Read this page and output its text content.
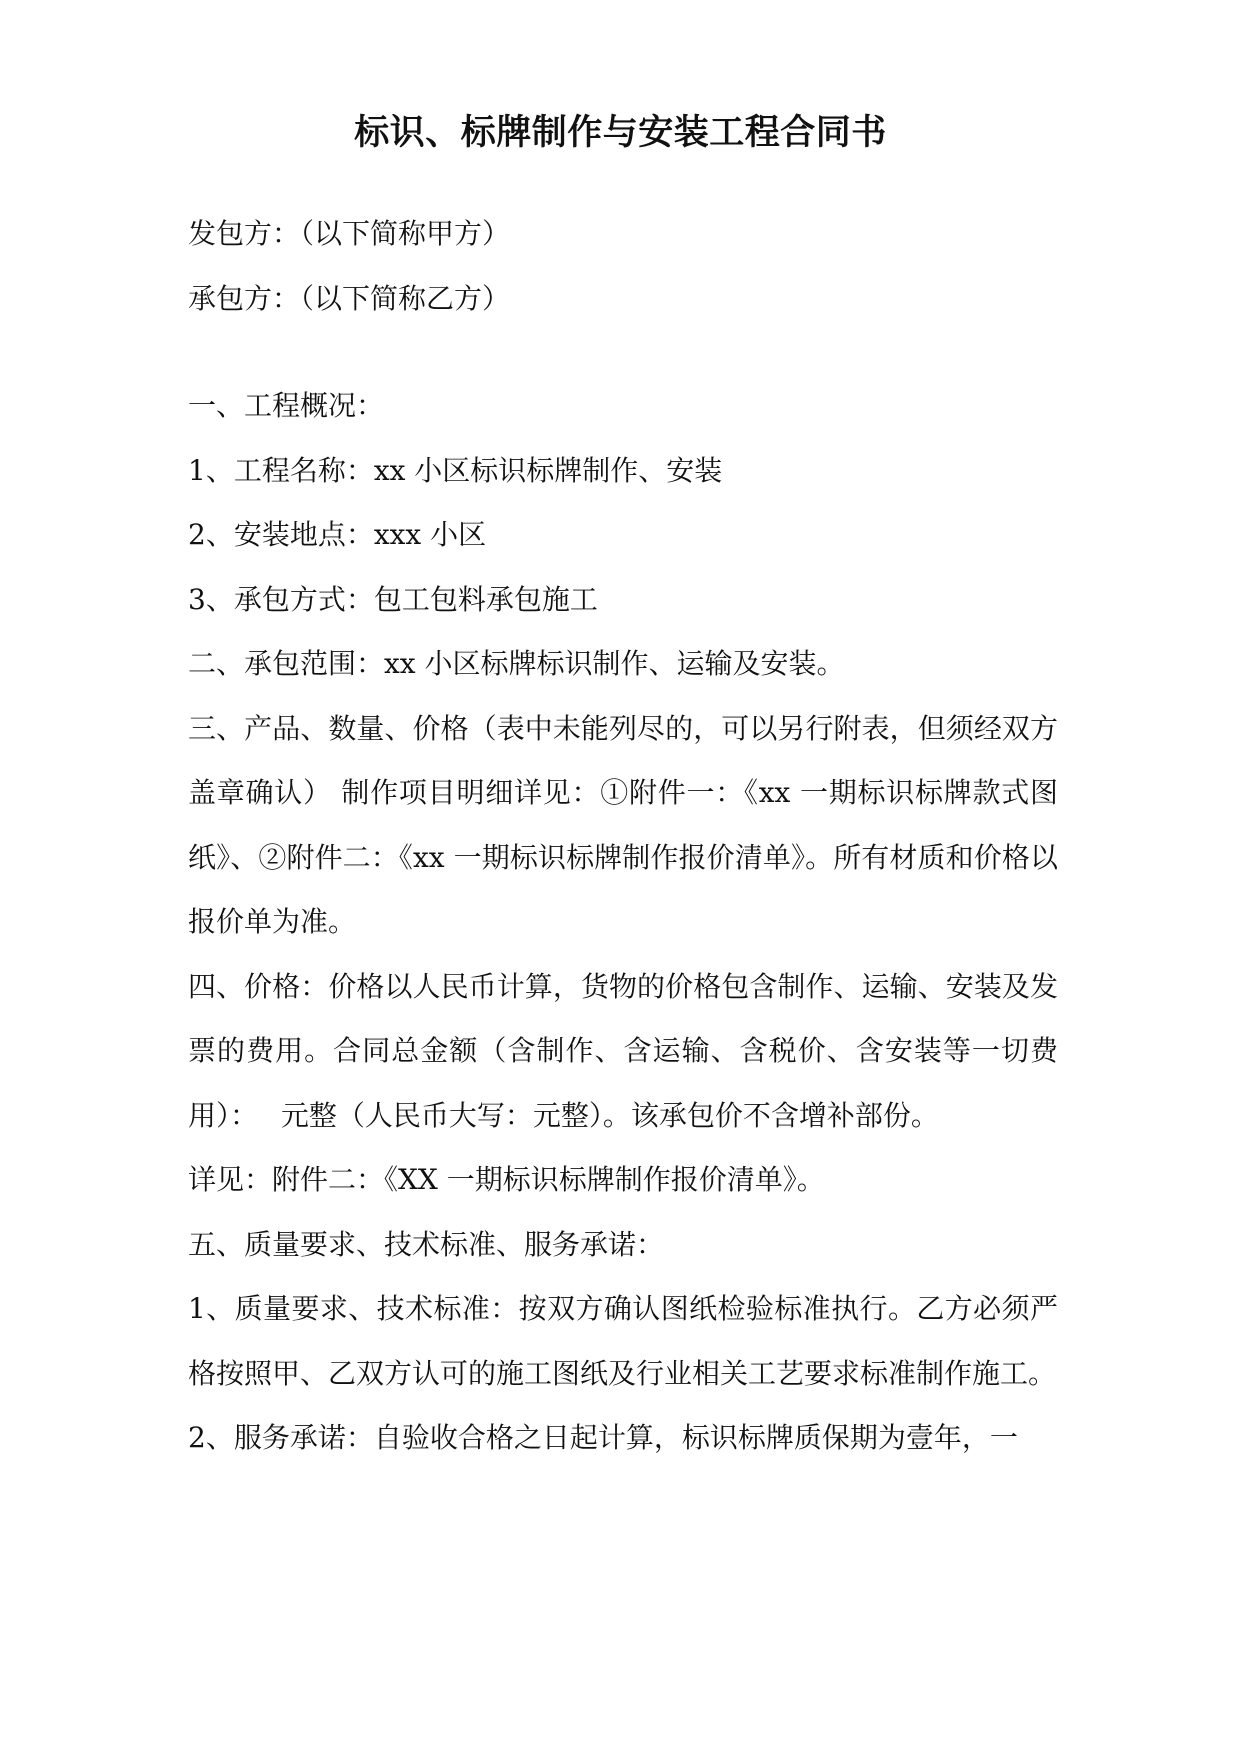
标识、标牌制作与安装工程合同书
发包方：（以下简称甲方）
承包方：（以下简称乙方）
一、工程概况：
1、工程名称：xx 小区标识标牌制作、安装
2、安装地点：xxx 小区
3、承包方式：包工包料承包施工
二、承包范围：xx 小区标牌标识制作、运输及安装。

三、产品、数量、价格（表中未能列尽的，可以另行附表，但须经双方盖章确认） 制作项目明细详见：①附件一：《xx 一期标识标牌款式图纸》、②附件二：《xx 一期标识标牌制作报价清单》。所有材质和价格以报价单为准。

四、价格：价格以人民币计算，货物的价格包含制作、运输、安装及发票的费用。合同总金额（含制作、含运输、含税价、含安装等一切费用）：　 元整（人民币大写：元整）。该承包价不含增补部份。

详见：附件二：《XX 一期标识标牌制作报价清单》。
五、质量要求、技术标准、服务承诺：

1、质量要求、技术标准：按双方确认图纸检验标准执行。乙方必须严格按照甲、乙双方认可的施工图纸及行业相关工艺要求标准制作施工。

2、服务承诺：自验收合格之日起计算，标识标牌质保期为壹年，一
